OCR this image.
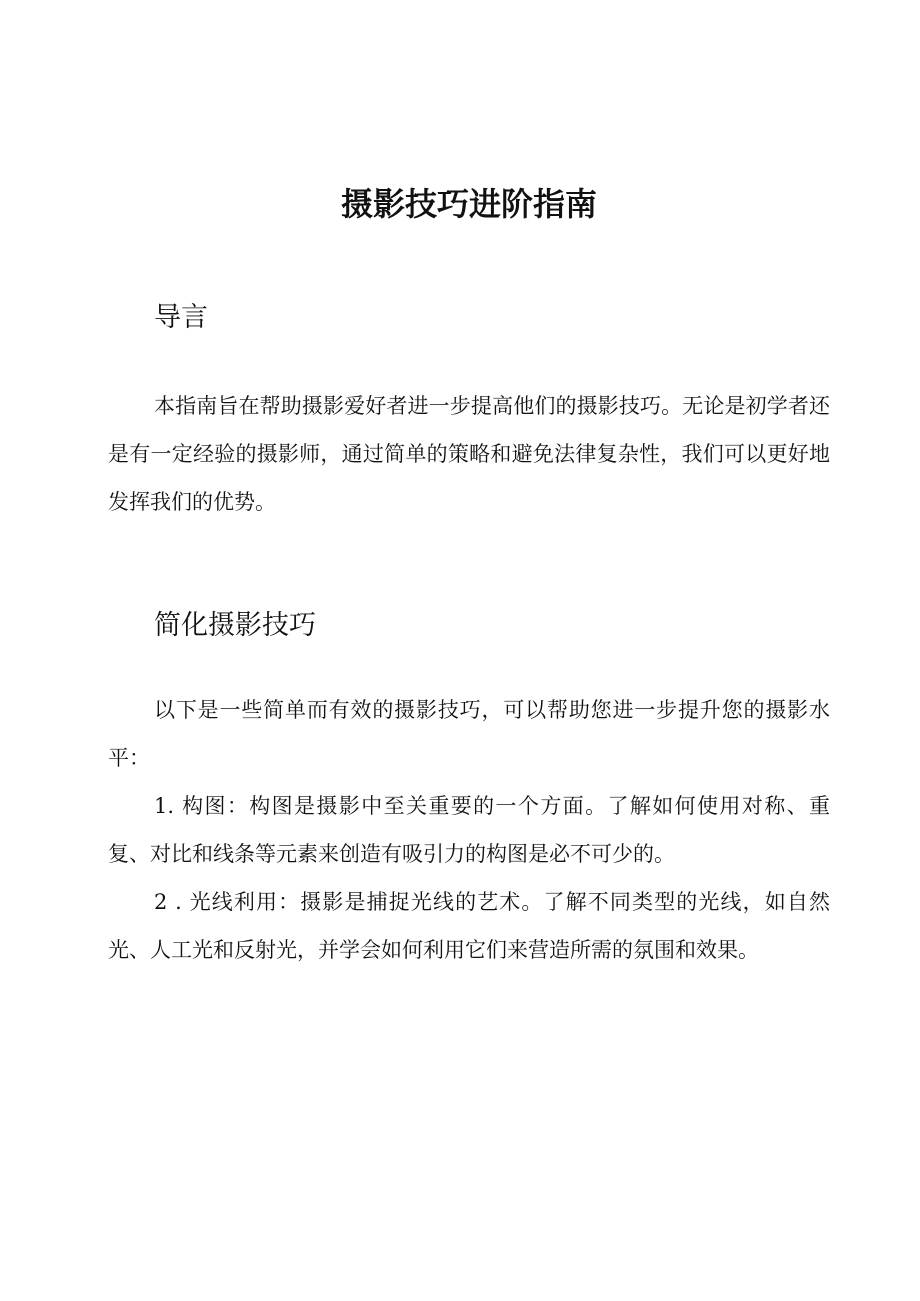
摄影技巧进阶指南
导言

本指南旨在帮助摄影爱好者进一步提高他们的摄影技巧。无论是初学者还是有一定经验的摄影师，通过简单的策略和避免法律复杂性，我们可以更好地发挥我们的优势。

简化摄影技巧

以下是一些简单而有效的摄影技巧，可以帮助您进一步提升您的摄影水平：

1. 构图：构图是摄影中至关重要的一个方面。了解如何使用对称、重复、对比和线条等元素来创造有吸引力的构图是必不可少的。

2 . 光线利用：摄影是捕捉光线的艺术。了解不同类型的光线，如自然光、人工光和反射光，并学会如何利用它们来营造所需的氛围和效果。
